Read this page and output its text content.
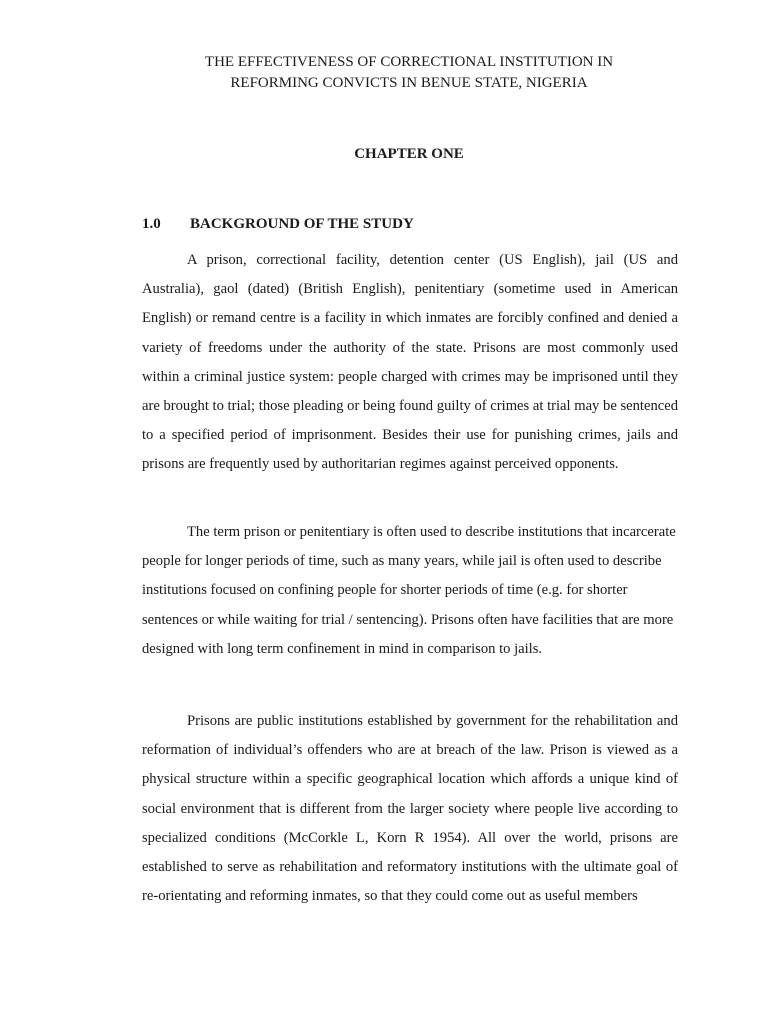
THE EFFECTIVENESS OF CORRECTIONAL INSTITUTION IN
REFORMING CONVICTS IN BENUE STATE, NIGERIA
CHAPTER ONE
1.0 BACKGROUND OF THE STUDY

A prison, correctional facility, detention center (US English), jail (US and Australia), gaol (dated) (British English), penitentiary (sometime used in American English) or remand centre is a facility in which inmates are forcibly confined and denied a variety of freedoms under the authority of the state. Prisons are most commonly used within a criminal justice system: people charged with crimes may be imprisoned until they are brought to trial; those pleading or being found guilty of crimes at trial may be sentenced to a specified period of imprisonment. Besides their use for punishing crimes, jails and prisons are frequently used by authoritarian regimes against perceived opponents.

The term prison or penitentiary is often used to describe institutions that incarcerate people for longer periods of time, such as many years, while jail is often used to describe institutions focused on confining people for shorter periods of time (e.g. for shorter sentences or while waiting for trial / sentencing). Prisons often have facilities that are more designed with long term confinement in mind in comparison to jails.

Prisons are public institutions established by government for the rehabilitation and reformation of individual’s offenders who are at breach of the law. Prison is viewed as a physical structure within a specific geographical location which affords a unique kind of social environment that is different from the larger society where people live according to specialized conditions (McCorkle L, Korn R 1954). All over the world, prisons are established to serve as rehabilitation and reformatory institutions with the ultimate goal of re-orientating and reforming inmates, so that they could come out as useful members
